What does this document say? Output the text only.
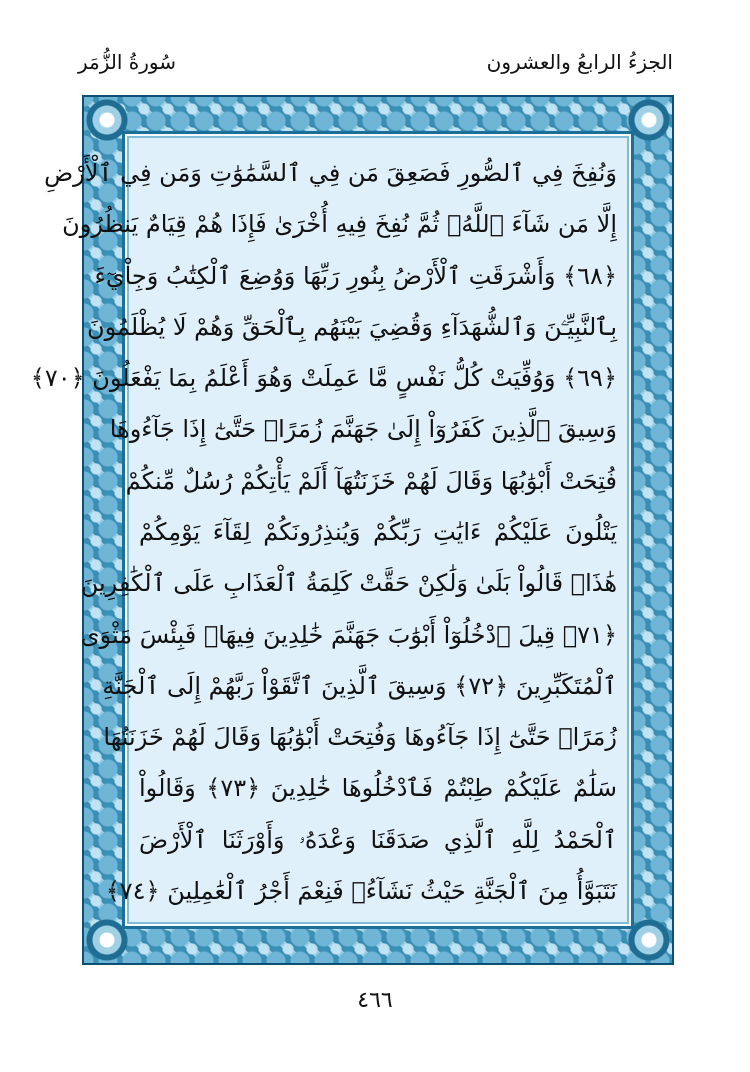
الجزءُ الرابعُ والعشرون
سُورةُ الزُّمَر
وَنُفِخَ فِي ٱلصُّورِ فَصَعِقَ مَن فِي ٱلسَّمَٰوَٰتِ وَمَن فِي ٱلْأَرْضِ
إِلَّا مَن شَآءَ ٱللَّهُۖ ثُمَّ نُفِخَ فِيهِ أُخْرَىٰ فَإِذَا هُمْ قِيَامٌ يَنظُرُونَ
﴿٦٨﴾ وَأَشْرَقَتِ ٱلْأَرْضُ بِنُورِ رَبِّهَا وَوُضِعَ ٱلْكِتَٰبُ وَجِاْيٓءَ
بِٱلنَّبِيِّـۧنَ وَٱلشُّهَدَآءِ وَقُضِيَ بَيْنَهُم بِٱلْحَقِّ وَهُمْ لَا يُظْلَمُونَ
﴿٦٩﴾ وَوُفِّيَتْ كُلُّ نَفْسٍ مَّا عَمِلَتْ وَهُوَ أَعْلَمُ بِمَا يَفْعَلُونَ ﴿٧٠﴾
وَسِيقَ ٱلَّذِينَ كَفَرُوٓاْ إِلَىٰ جَهَنَّمَ زُمَرًاۖ حَتَّىٰٓ إِذَا جَآءُوهَا
فُتِحَتْ أَبْوَٰبُهَا وَقَالَ لَهُمْ خَزَنَتُهَآ أَلَمْ يَأْتِكُمْ رُسُلٌ مِّنكُمْ
يَتْلُونَ عَلَيْكُمْ ءَايَٰتِ رَبِّكُمْ وَيُنذِرُونَكُمْ لِقَآءَ يَوْمِكُمْ
هَٰذَاۚ قَالُواْ بَلَىٰ وَلَٰكِنْ حَقَّتْ كَلِمَةُ ٱلْعَذَابِ عَلَى ٱلْكَٰفِرِينَ
﴿٧١﴾ قِيلَ ٱدْخُلُوٓاْ أَبْوَٰبَ جَهَنَّمَ خَٰلِدِينَ فِيهَاۖ فَبِئْسَ مَثْوَى
ٱلْمُتَكَبِّرِينَ ﴿٧٢﴾ وَسِيقَ ٱلَّذِينَ ٱتَّقَوْاْ رَبَّهُمْ إِلَى ٱلْجَنَّةِ
زُمَرًاۖ حَتَّىٰٓ إِذَا جَآءُوهَا وَفُتِحَتْ أَبْوَٰبُهَا وَقَالَ لَهُمْ خَزَنَتُهَا
سَلَٰمٌ عَلَيْكُمْ طِبْتُمْ فَٱدْخُلُوهَا خَٰلِدِينَ ﴿٧٣﴾ وَقَالُواْ
ٱلْحَمْدُ لِلَّهِ ٱلَّذِي صَدَقَنَا وَعْدَهُۥ وَأَوْرَثَنَا ٱلْأَرْضَ
نَتَبَوَّأُ مِنَ ٱلْجَنَّةِ حَيْثُ نَشَآءُۖ فَنِعْمَ أَجْرُ ٱلْعَٰمِلِينَ ﴿٧٤﴾
٤٦٦
